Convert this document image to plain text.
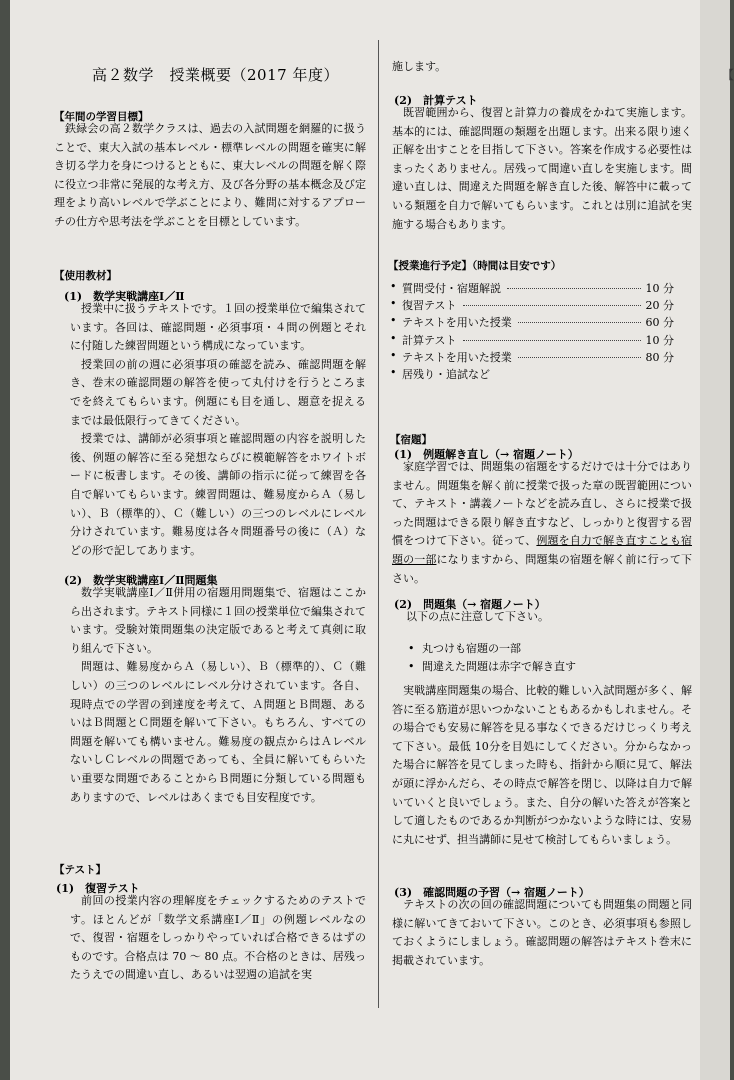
高２数学　授業概要（2017 年度）
【年間の学習目標】

鉄緑会の高２数学クラスは、過去の入試問題を網羅的に扱うことで、東大入試の基本レベル・標準レベルの問題を確実に解き切る学力を身につけるとともに、東大レベルの問題を解く際に役立つ非常に発展的な考え方、及び各分野の基本概念及び定理をより高いレベルで学ぶことにより、難問に対するアプローチの仕方や思考法を学ぶことを目標としています。

【使用教材】
(1)　数学実戦講座Ⅰ／Ⅱ

授業中に扱うテキストです。１回の授業単位で編集されています。各回は、確認問題・必須事項・４問の例題とそれに付随した練習問題という構成になっています。

授業回の前の週に必須事項の確認を読み、確認問題を解き、巻末の確認問題の解答を使って丸付けを行うところまでを終えてもらいます。例題にも目を通し、題意を捉えるまでは最低限行ってきてください。

授業では、講師が必須事項と確認問題の内容を説明した後、例題の解答に至る発想ならびに模範解答をホワイトボードに板書します。その後、講師の指示に従って練習を各自で解いてもらいます。練習問題は、難易度からＡ（易しい）、Ｂ（標準的）、Ｃ（難しい）の三つのレベルにレベル分けされています。難易度は各々問題番号の後に（Ａ）などの形で記してあります。

(2)　数学実戦講座Ⅰ／Ⅱ問題集

数学実戦講座Ⅰ／Ⅱ併用の宿題用問題集で、宿題はここから出されます。テキスト同様に１回の授業単位で編集されています。受験対策問題集の決定版であると考えて真剣に取り組んで下さい。

問題は、難易度からＡ（易しい）、Ｂ（標準的）、Ｃ（難しい）の三つのレベルにレベル分けされています。各自、現時点での学習の到達度を考えて、Ａ問題とＢ問題、あるいはＢ問題とＣ問題を解いて下さい。もちろん、すべての問題を解いても構いません。難易度の観点からはＡレベルないしＣレベルの問題であっても、全員に解いてもらいたい重要な問題であることからＢ問題に分類している問題もありますので、レベルはあくまでも目安程度です。

【テスト】
(1)　復習テスト

前回の授業内容の理解度をチェックするためのテストです。ほとんどが「数学文系講座Ⅰ／Ⅱ」の例題レベルなので、復習・宿題をしっかりやっていれば合格できるはずのものです。合格点は 70 ～ 80 点。不合格のときは、居残ったうえでの間違い直し、あるいは翌週の追試を実

施します。
(2)　計算テスト

既習範囲から、復習と計算力の養成をかねて実施します。基本的には、確認問題の類題を出題します。出来る限り速く正解を出すことを目指して下さい。答案を作成する必要性はまったくありません。居残って間違い直しを実施します。間違い直しは、間違えた問題を解き直した後、解答中に載っている類題を自力で解いてもらいます。これとは別に追試を実施する場合もあります。

【授業進行予定】（時間は目安です）
• 質問受付・宿題解説	10 分
• 復習テスト	20 分
• テキストを用いた授業	60 分
• 計算テスト	10 分
• テキストを用いた授業	80 分
• 居残り・追試など
【宿題】
(1)　例題解き直し（→ 宿題ノート）

家庭学習では、問題集の宿題をするだけでは十分ではありません。問題集を解く前に授業で扱った章の既習範囲について、テキスト・講義ノートなどを読み直し、さらに授業で扱った問題はできる限り解き直すなど、しっかりと復習する習慣をつけて下さい。従って、例題を自力で解き直すことも宿題の一部になりますから、問題集の宿題を解く前に行って下さい。

(2)　問題集（→ 宿題ノート）
以下の点に注意して下さい。
• 丸つけも宿題の一部
• 間違えた問題は赤字で解き直す

実戦講座問題集の場合、比較的難しい入試問題が多く、解答に至る筋道が思いつかないこともあるかもしれません。その場合でも安易に解答を見る事なくできるだけじっくり考えて下さい。最低 10分を目処にしてください。分からなかった場合に解答を見てしまった時も、指針から順に見て、解法が頭に浮かんだら、その時点で解答を閉じ、以降は自力で解いていくと良いでしょう。また、自分の解いた答えが答案として適したものであるか判断がつかないような時には、安易に丸にせず、担当講師に見せて検討してもらいましょう。

(3)　確認問題の予習（→ 宿題ノート）

テキストの次の回の確認問題についても問題集の問題と同様に解いてきておいて下さい。このとき、必須事項も参照しておくようにしましょう。確認問題の解答はテキスト巻末に掲載されています。

【
